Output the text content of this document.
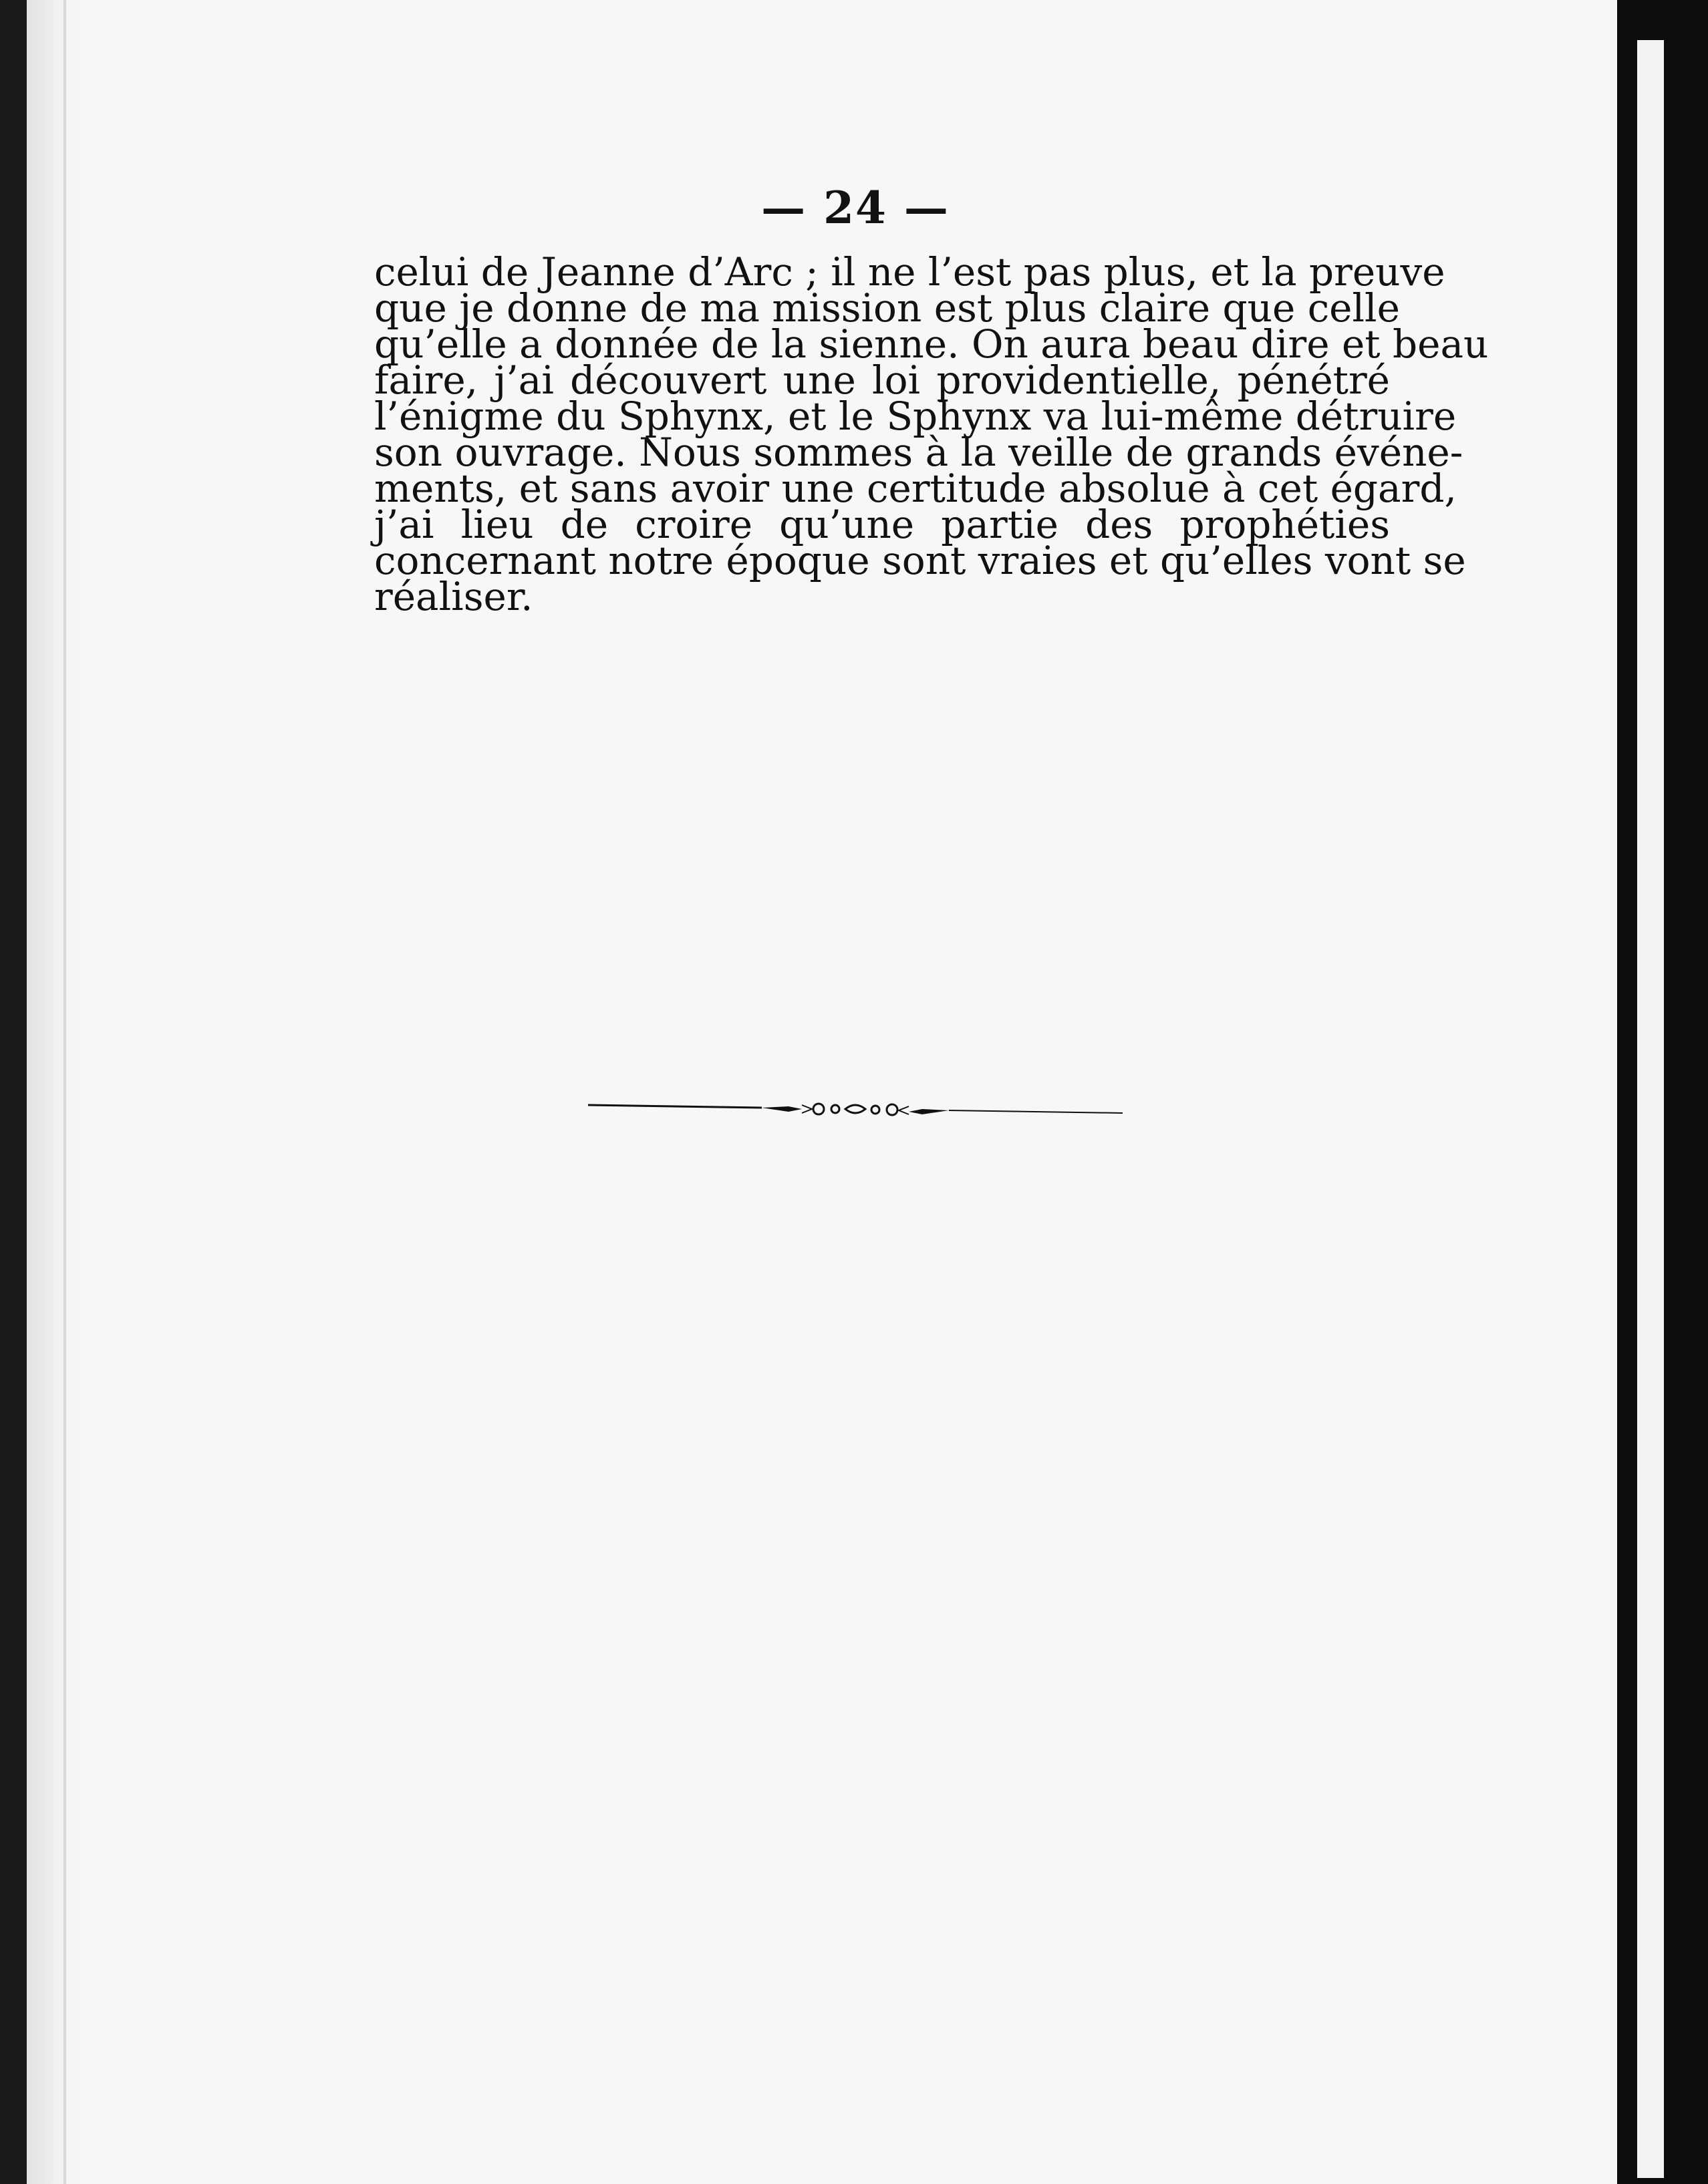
— 24 —
celui de Jeanne d’Arc ; il ne l’est pas plus, et la preuve
que je donne de ma mission est plus claire que celle
qu’elle a donnée de la sienne. On aura beau dire et beau
faire, j’ai découvert une loi providentielle, pénétré
l’énigme du Sphynx, et le Sphynx va lui-même détruire
son ouvrage. Nous sommes à la veille de grands événe-
ments, et sans avoir une certitude absolue à cet égard,
j’ai lieu de croire qu’une partie des prophéties
concernant notre époque sont vraies et qu’elles vont se
réaliser.
